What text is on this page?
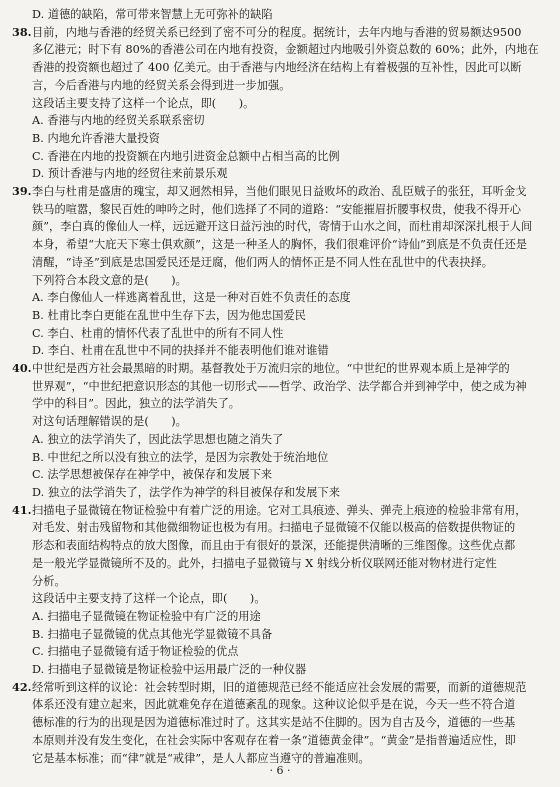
D. 道德的缺陷，常可带来智慧上无可弥补的缺陷
38. 目前，内地与香港的经贸关系已经到了密不可分的程度。据统计，去年内地与香港的贸易额达9500
多亿港元；时下有 80%的香港公司在内地有投资，金额超过内地吸引外资总数的 60%；此外，内地在
香港的投资额也超过了 400 亿美元。由于香港与内地经济在结构上有着极强的互补性，因此可以断
言，今后香港与内地的经贸关系会得到进一步加强。
这段话主要支持了这样一个论点，即(　　)。
A. 香港与内地的经贸关系联系密切
B. 内地允许香港大量投资
C. 香港在内地的投资额在内地引进资金总额中占相当高的比例
D. 预计香港与内地的经贸往来前景乐观
39. 李白与杜甫是盛唐的瑰宝，却又迥然相异，当他们眼见日益败坏的政治、乱臣贼子的张狂，耳听金戈
铁马的喧嚣，黎民百姓的呻吟之时，他们选择了不同的道路：“安能摧眉折腰事权贵，使我不得开心
颜”，李白真的像仙人一样，远远避开这日益污浊的时代，寄情于山水之间，而杜甫却深深扎根于人间
本身，希望“大庇天下寒士俱欢颜”，这是一种圣人的胸怀，我们很难评价“诗仙”到底是不负责任还是
清醒，“诗圣”到底是忠国爱民还是迂腐，他们两人的情怀正是不同人性在乱世中的代表抉择。
下列符合本段文意的是(　　)。
A. 李白像仙人一样逃离着乱世，这是一种对百姓不负责任的态度
B. 杜甫比李白更能在乱世中生存下去，因为他忠国爱民
C. 李白、杜甫的情怀代表了乱世中的所有不同人性
D. 李白、杜甫在乱世中不同的抉择并不能表明他们谁对谁错
40. 中世纪是西方社会最黑暗的时期。基督教处于万流归宗的地位。“中世纪的世界观本质上是神学的
世界观”，“中世纪把意识形态的其他一切形式——哲学、政治学、法学都合并到神学中，使之成为神
学中的科目”。因此，独立的法学消失了。
对这句话理解错误的是(　　)。
A. 独立的法学消失了，因此法学思想也随之消失了
B. 中世纪之所以没有独立的法学，是因为宗教处于统治地位
C. 法学思想被保存在神学中，被保存和发展下来
D. 独立的法学消失了，法学作为神学的科目被保存和发展下来
41. 扫描电子显微镜在物证检验中有着广泛的用途。它对工具痕迹、弹头、弹壳上痕迹的检验非常有用，
对毛发、射击残留物和其他微细物证也极为有用。扫描电子显微镜不仅能以极高的倍数提供物证的
形态和表面结构特点的放大图像，而且由于有很好的景深，还能提供清晰的三维图像。这些优点都
是一般光学显微镜所不及的。此外，扫描电子显微镜与 X 射线分析仪联网还能对物材进行定性
分析。
这段话中主要支持了这样一个论点，即(　　)。
A. 扫描电子显微镜在物证检验中有广泛的用途
B. 扫描电子显微镜的优点其他光学显微镜不具备
C. 扫描电子显微镜有适于物证检验的优点
D. 扫描电子显微镜是物证检验中运用最广泛的一种仪器
42. 经常听到这样的议论：社会转型时期，旧的道德规范已经不能适应社会发展的需要，而新的道德规范
体系还没有建立起来，因此就难免存在道德紊乱的现象。这种议论似乎是在说，今天一些不符合道
德标准的行为的出现是因为道德标准过时了。这其实是站不住脚的。因为自古及今，道德的一些基
本原则并没有发生变化，在社会实际中客观存在着一条“道德黄金律”。“黄金”是指普遍适应性，即
它是基本标准；而“律”就是“戒律”，是人人都应当遵守的普遍准则。
· 6 ·
